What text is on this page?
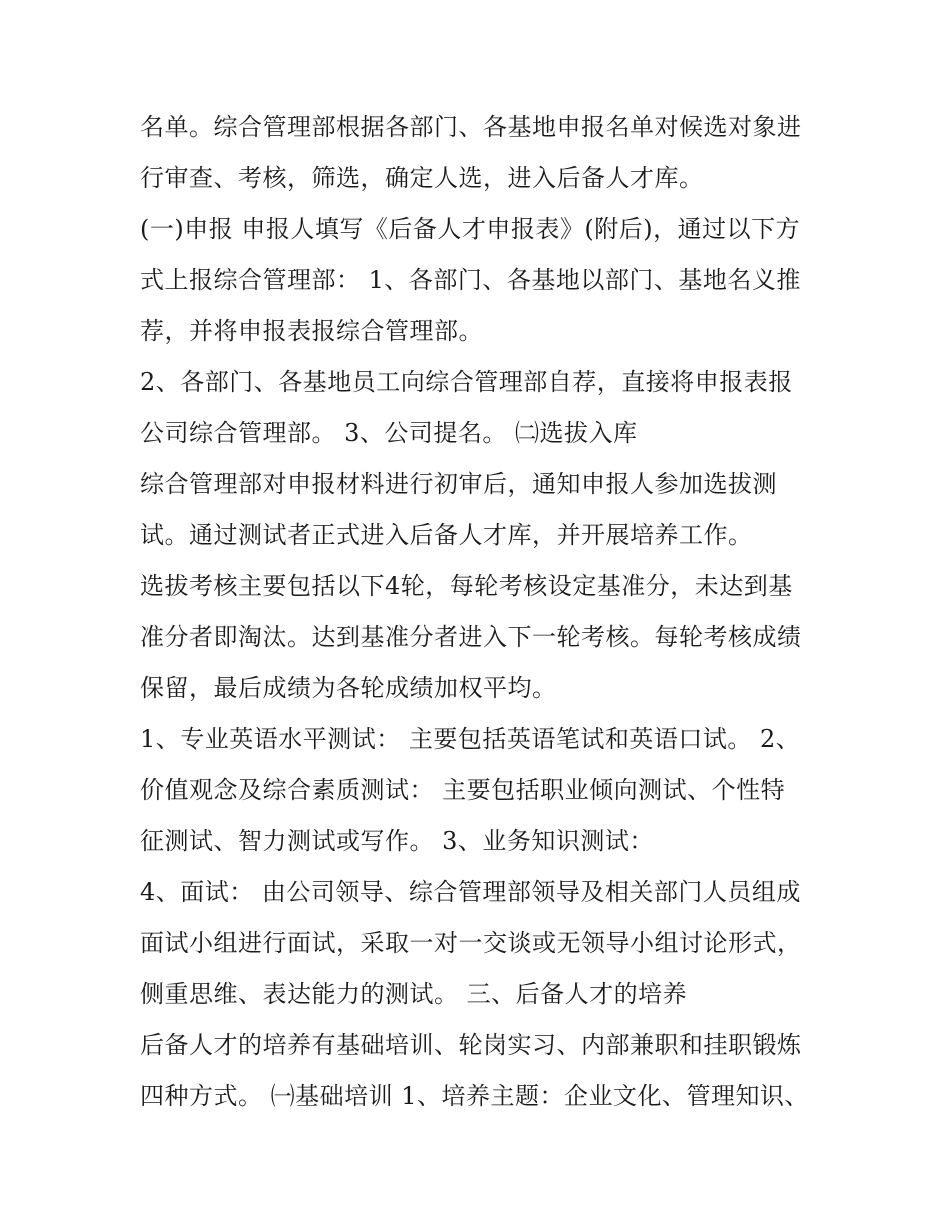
名单。综合管理部根据各部门、各基地申报名单对候选对象进
行审查、考核，筛选，确定人选，进入后备人才库。
(一)申报 申报人填写《后备人才申报表》(附后)，通过以下方
式上报综合管理部： 1、各部门、各基地以部门、基地名义推
荐，并将申报表报综合管理部。
2、各部门、各基地员工向综合管理部自荐，直接将申报表报
公司综合管理部。 3、公司提名。 ㈡选拔入库
综合管理部对申报材料进行初审后，通知申报人参加选拔测
试。通过测试者正式进入后备人才库，并开展培养工作。
选拔考核主要包括以下4轮，每轮考核设定基准分，未达到基
准分者即淘汰。达到基准分者进入下一轮考核。每轮考核成绩
保留，最后成绩为各轮成绩加权平均。
1、专业英语水平测试： 主要包括英语笔试和英语口试。 2、
价值观念及综合素质测试： 主要包括职业倾向测试、个性特
征测试、智力测试或写作。 3、业务知识测试：
4、面试： 由公司领导、综合管理部领导及相关部门人员组成
面试小组进行面试，采取一对一交谈或无领导小组讨论形式，
侧重思维、表达能力的测试。 三、后备人才的培养
后备人才的培养有基础培训、轮岗实习、内部兼职和挂职锻炼
四种方式。 ㈠基础培训 1、培养主题：企业文化、管理知识、
